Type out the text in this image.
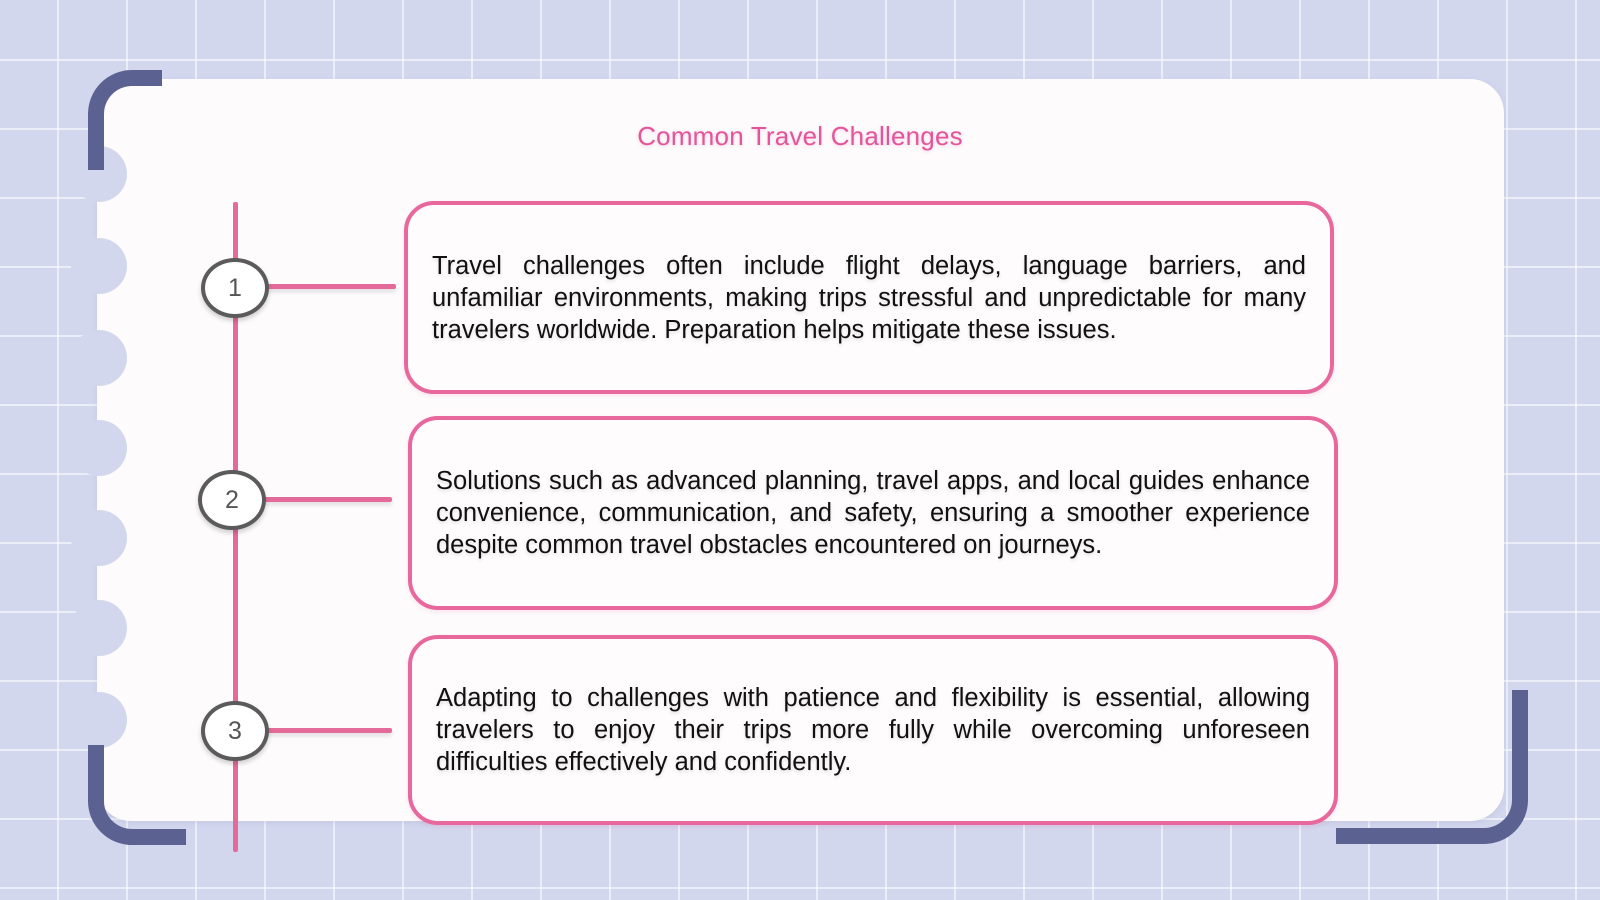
Common Travel Challenges
1
2
3

Travel challenges often include flight delays, language barriers, and unfamiliar environments, making trips stressful and unpredictable for many travelers worldwide. Preparation helps mitigate these issues.

Solutions such as advanced planning, travel apps, and local guides enhance convenience, communication, and safety, ensuring a smoother experience despite common travel obstacles encountered on journeys.

Adapting to challenges with patience and flexibility is essential, allowing travelers to enjoy their trips more fully while overcoming unforeseen difficulties effectively and confidently.
